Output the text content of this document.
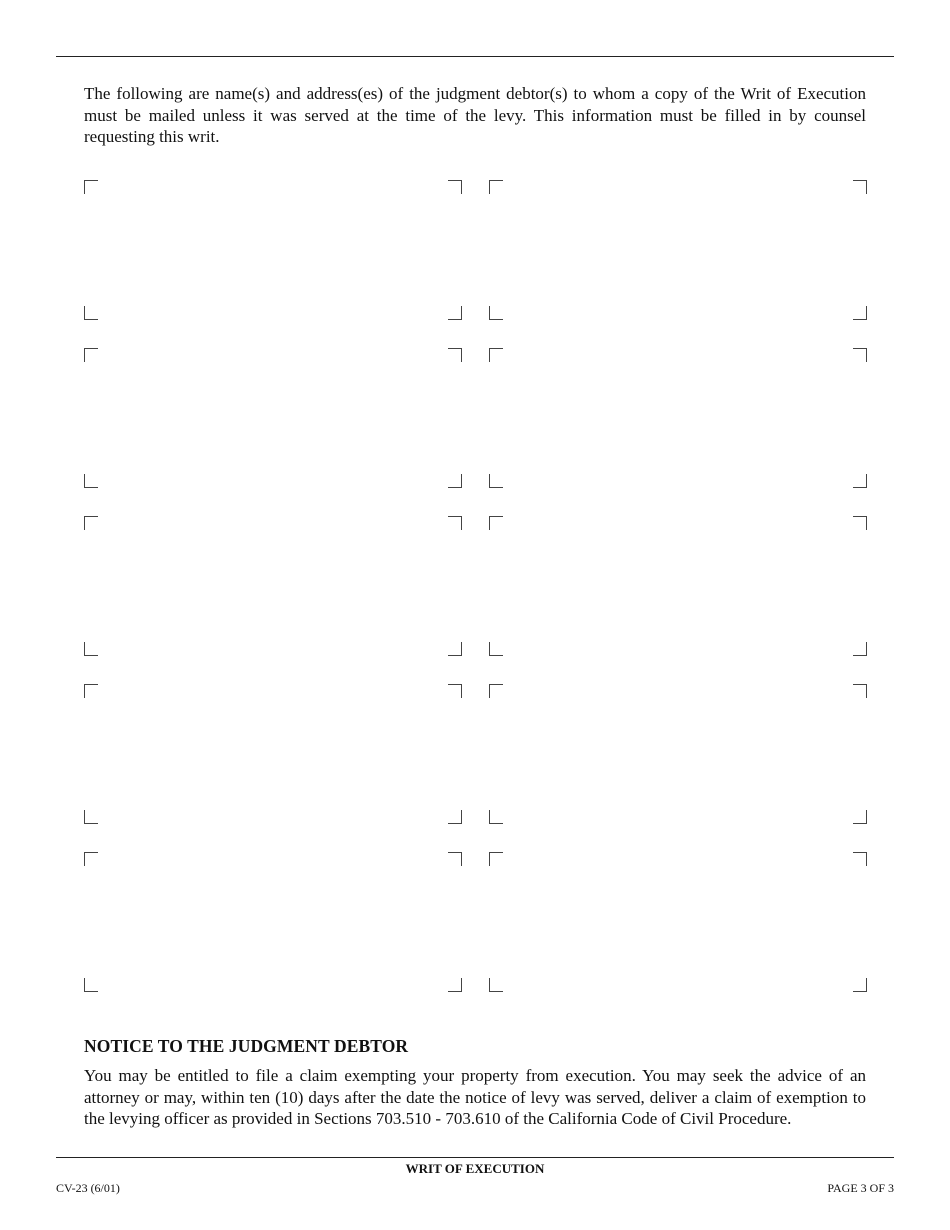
The following are name(s) and address(es) of the judgment debtor(s) to whom a copy of the Writ of Execution must be mailed unless it was served at the time of the levy. This information must be filled in by counsel requesting this writ.

NOTICE TO THE JUDGMENT DEBTOR

You may be entitled to file a claim exempting your property from execution. You may seek the advice of an attorney or may, within ten (10) days after the date the notice of levy was served, deliver a claim of exemption to the levying officer as provided in Sections 703.510 - 703.610 of the California Code of Civil Procedure.

WRIT OF EXECUTION
CV-23 (6/01)	PAGE 3 OF 3
